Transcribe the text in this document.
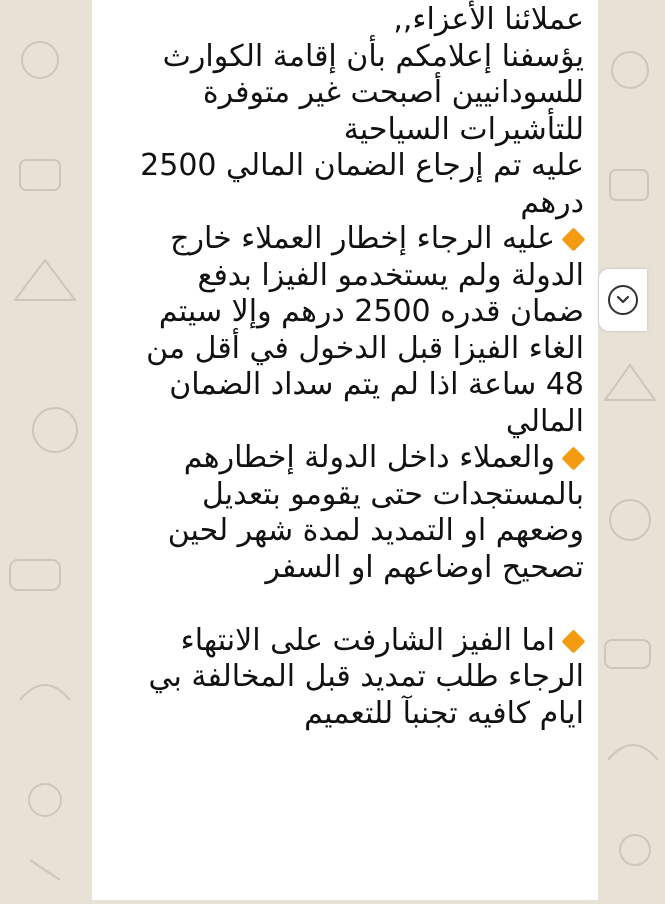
عملائنا الأعزاء,,
يؤسفنا إعلامكم بأن إقامة الكوارث
للسودانيين أصبحت غير متوفرة
للتأشيرات السياحية
عليه تم إرجاع الضمان المالي 2500
درهم
عليه الرجاء إخطار العملاء خارج
الدولة ولم يستخدمو الفيزا بدفع
ضمان قدره 2500 درهم وإلا سيتم
الغاء الفيزا قبل الدخول في أقل من
48 ساعة اذا لم يتم سداد الضمان
المالي
والعملاء داخل الدولة إخطارهم
بالمستجدات حتى يقومو بتعديل
وضعهم او التمديد لمدة شهر لحين
تصحيح اوضاعهم او السفر
اما الفيز الشارفت على الانتهاء
الرجاء طلب تمديد قبل المخالفة بي
ايام كافيه تجنبآ للتعميم
